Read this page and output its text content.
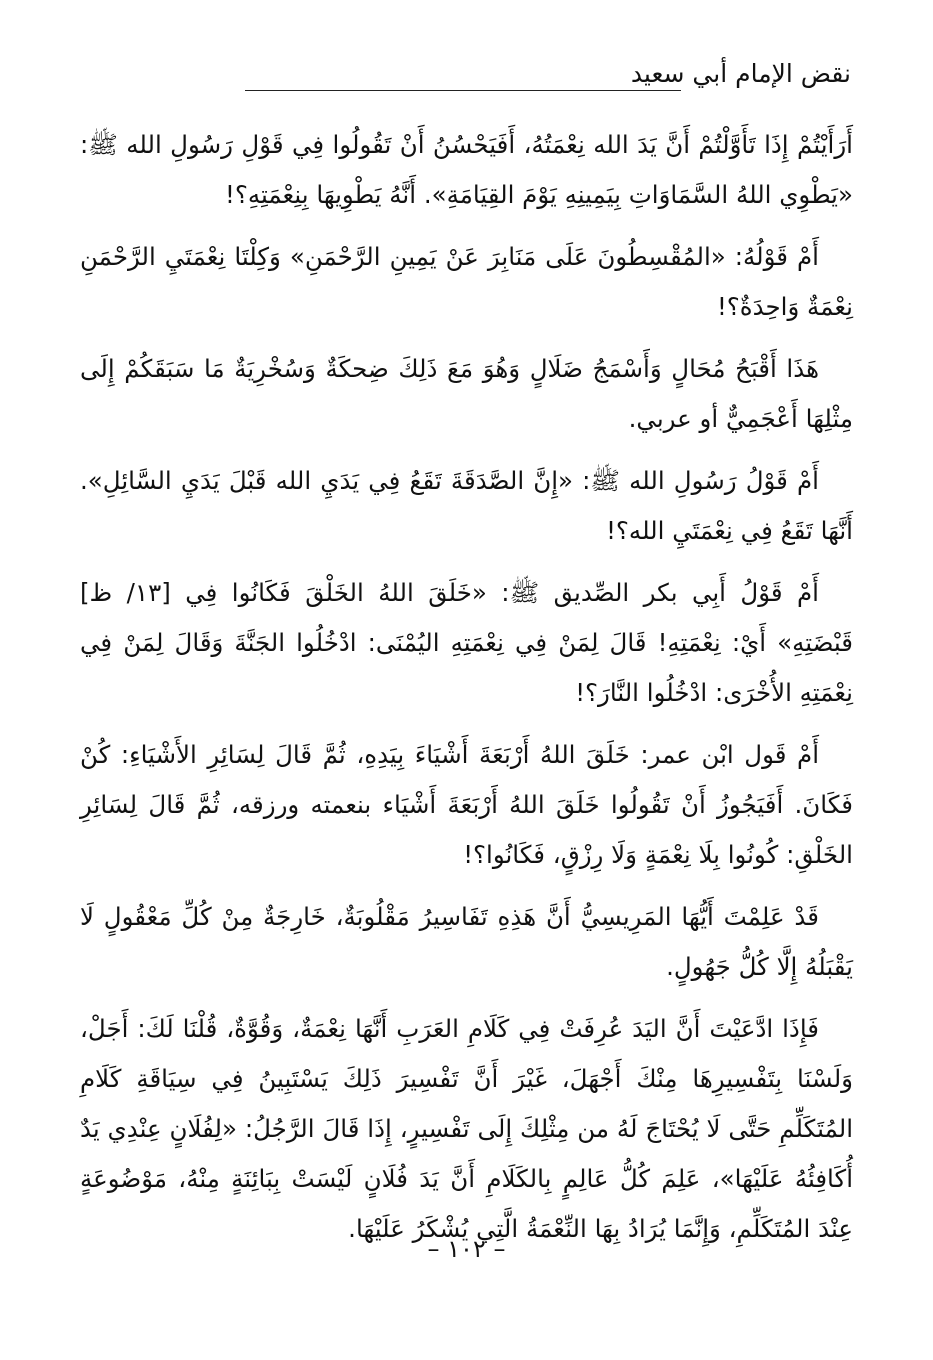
نقض الإمام أبي سعيد

أَرَأَيْتُمْ إِذَا تَأَوَّلْتُمْ أَنَّ يَدَ الله نِعْمَتُهُ، أَفَيَحْسُنُ أَنْ تَقُولُوا فِي قَوْلِ رَسُولِ الله ﷺ: «يَطْوِي اللهُ السَّمَاوَاتِ بِيَمِينِهِ يَوْمَ القِيَامَةِ». أَنَّهُ يَطْوِيهَا بِنِعْمَتِهِ؟!

أَمْ قَوْلُهُ: «المُقْسِطُونَ عَلَى مَنَابِرَ عَنْ يَمِينِ الرَّحْمَنِ» وَكِلْتَا نِعْمَتَيِ الرَّحْمَنِ نِعْمَةٌ وَاحِدَةٌ؟!

هَذَا أَقْبَحُ مُحَالٍ وَأَسْمَجُ ضَلَالٍ وَهُوَ مَعَ ذَلِكَ ضِحكَةٌ وَسُخْرِيَةٌ مَا سَبَقَكُمْ إِلَى مِثْلِهَا أَعْجَمِيٌّ أو عربي.

أَمْ قَوْلُ رَسُولِ الله ﷺ: «إِنَّ الصَّدَقَةَ تَقَعُ فِي يَدَيِ الله قَبْلَ يَدَيِ السَّائِلِ». أَنَّهَا تَقَعُ فِي نِعْمَتَيِ الله؟!

أَمْ قَوْلُ أَبِي بكر الصِّديق ﷺ: «خَلَقَ اللهُ الخَلْقَ فَكَانُوا فِي [١٣/ ظ] قَبْضَتِهِ» أَيْ: نِعْمَتِهِ! قَالَ لِمَنْ فِي نِعْمَتِهِ اليُمْنَى: ادْخُلُوا الجَنَّةَ وَقَالَ لِمَنْ فِي نِعْمَتِهِ الأُخْرَى: ادْخُلُوا النَّارَ؟!

أَمْ قَول ابْن عمر: خَلَقَ اللهُ أَرْبَعَةَ أَشْيَاءَ بِيَدِهِ، ثُمَّ قَالَ لِسَائِرِ الأَشْيَاءِ: كُنْ فَكَانَ. أَفَيَجُوزُ أَنْ تَقُولُوا خَلَقَ اللهُ أَرْبَعَةَ أَشْيَاء بنعمته ورزقه، ثُمَّ قَالَ لِسَائِرِ الخَلْقِ: كُونُوا بِلَا نِعْمَةٍ وَلَا رِزْقٍ، فَكَانُوا؟!

قَدْ عَلِمْتَ أَيُّهَا المَرِيسِيُّ أَنَّ هَذِهِ تَفَاسِيرُ مَقْلُوبَةٌ، خَارِجَةٌ مِنْ كُلِّ مَعْقُولٍ لَا يَقْبَلُهُ إِلَّا كُلُّ جَهُولٍ.

فَإِذَا ادَّعَيْتَ أَنَّ اليَدَ عُرِفَتْ فِي كَلَامِ العَرَبِ أَنَّهَا نِعْمَةٌ، وَقُوَّةٌ، قُلْنَا لَكَ: أَجَلْ، وَلَسْنَا بِتَفْسِيرِهَا مِنْكَ أَجْهَلَ، غَيْرَ أَنَّ تَفْسِيرَ ذَلِكَ يَسْتَبِينُ فِي سِيَاقَةِ كَلَامِ المُتَكَلِّمِ حَتَّى لَا يُحْتَاجَ لَهُ من مِثْلِكَ إِلَى تَفْسِيرٍ، إِذَا قَالَ الرَّجُلُ: «لِفُلَانٍ عِنْدِي يَدٌ أُكَافِئُهُ عَلَيْهَا»، عَلِمَ كُلُّ عَالِمٍ بِالكَلَامِ أَنَّ يَدَ فُلَانٍ لَيْسَتْ بِبَائِنَةٍ مِنْهُ، مَوْضُوعَةٍ عِنْدَ المُتَكَلِّمِ، وَإِنَّمَا يُرَادُ بِهَا النِّعْمَةُ الَّتِي يُشْكَرُ عَلَيْهَا.

– ١٠٢ –
